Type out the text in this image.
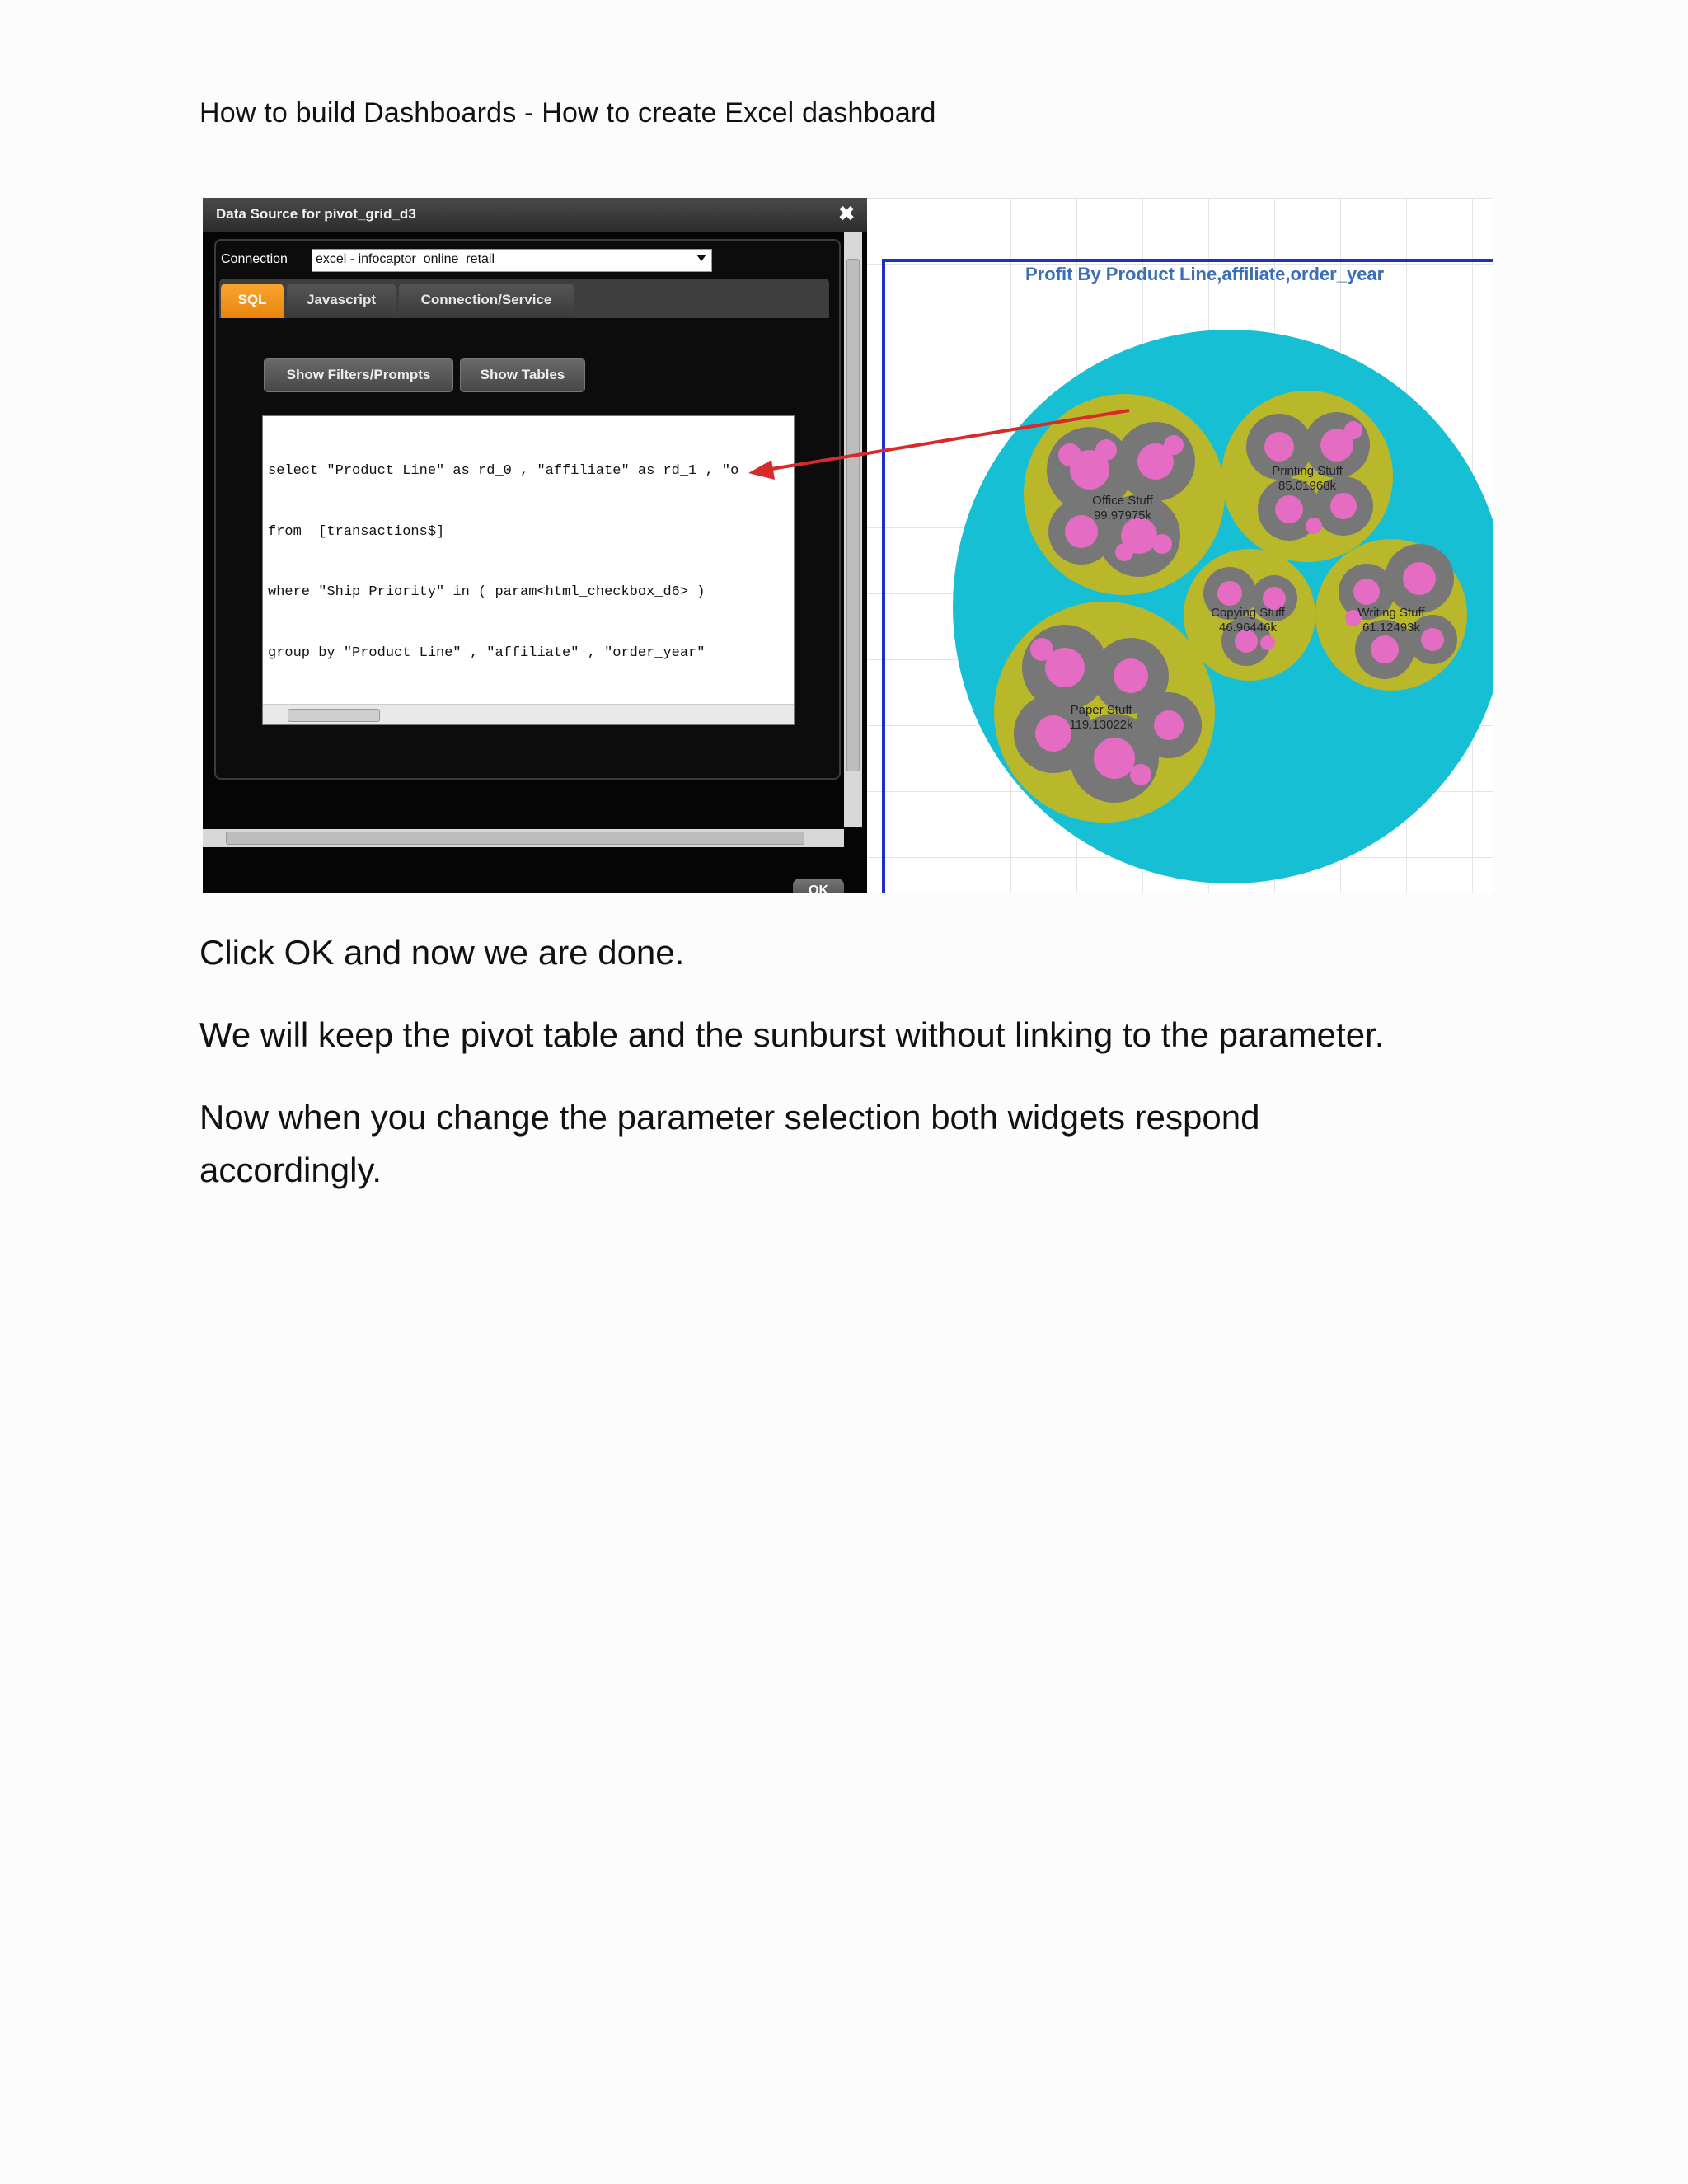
How to build Dashboards - How to create Excel dashboard
Data Source for pivot_grid_d3	✖
Connection excel - infocaptor_online_retail
SQL	Javascript	Connection/Service
Show Filters/Prompts	Show Tables

select "Product Line" as rd_0 , "affiliate" as rd_1 , "o

from  [transactions$]

where "Ship Priority" in ( param<html_checkbox_d6> )

group by "Product Line" , "affiliate" , "order_year"

OK
Profit By Product Line,affiliate,order_year
Office Stuff
99.97975k
Printing Stuff
85.01968k
Copying Stuff
46.96446k
Writing Stuff
61.12493k
Paper Stuff
119.13022k
Click OK and now we are done.
We will keep the pivot table and the sunburst without linking to the parameter.
Now when you change the parameter selection both widgets respond
accordingly.
